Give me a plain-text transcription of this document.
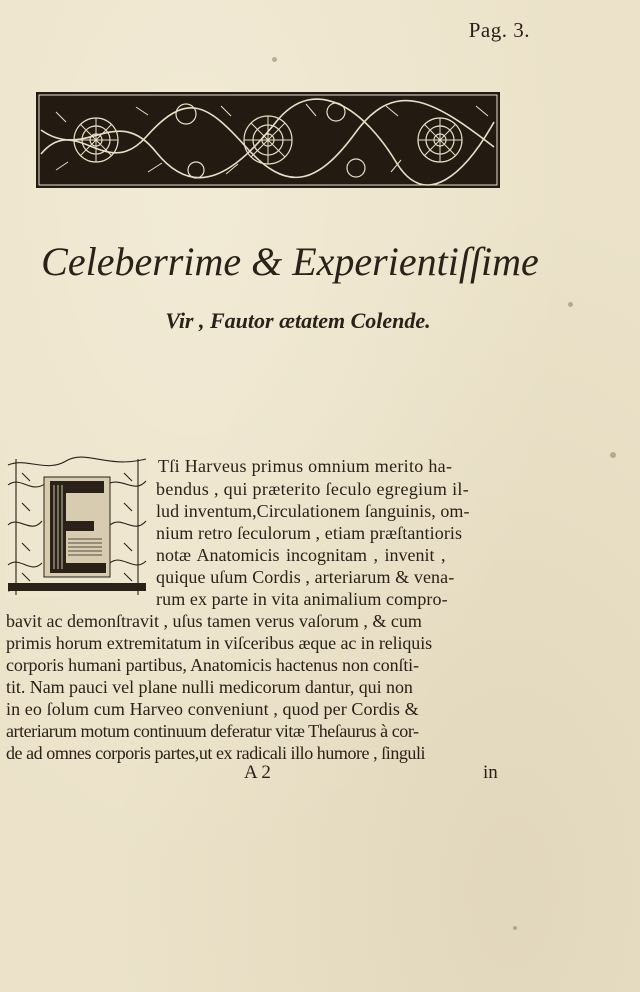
Pag. 3.
Celeberrime & Experientiſſime
Vir , Fautor ætatem Colende.
Tſi Harveus primus omnium merito ha-
bendus , qui præterito ſeculo egregium il-
lud inventum,Circulationem ſanguinis, om-
nium retro ſeculorum , etiam præſtantioris
notæ Anatomicis incognitam , invenit ,
quique uſum Cordis , arteriarum & vena-
rum ex parte in vita animalium compro-
bavit ac demonſtravit , uſus tamen verus vaſorum , & cum
primis horum extremitatum in viſceribus æque ac in reliquis
corporis humani partibus, Anatomicis hactenus non conſti-
tit. Nam pauci vel plane nulli medicorum dantur, qui non
in eo ſolum cum Harveo conveniunt , quod per Cordis &
arteriarum motum continuum deferatur vitæ Theſaurus à cor-
de ad omnes corporis partes,ut ex radicali illo humore , ſinguli
A 2	in
